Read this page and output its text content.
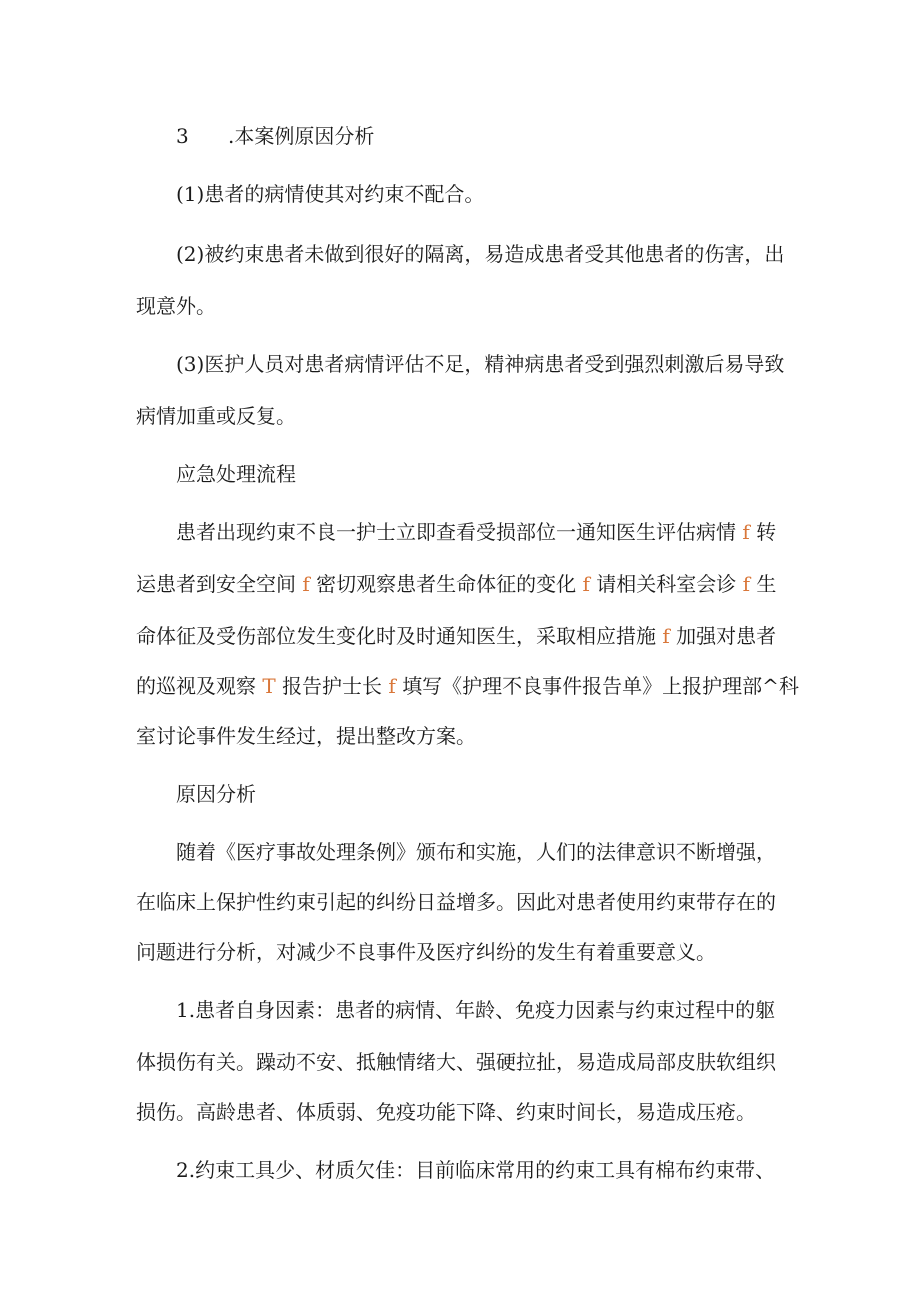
3 .本案例原因分析

(1)患者的病情使其对约束不配合。

(2)被约束患者未做到很好的隔离，易造成患者受其他患者的伤害，出

现意外。

(3)医护人员对患者病情评估不足，精神病患者受到强烈刺激后易导致

病情加重或反复。

应急处理流程

患者出现约束不良一护士立即查看受损部位一通知医生评估病情 f 转

运患者到安全空间 f 密切观察患者生命体征的变化 f 请相关科室会诊 f 生

命体征及受伤部位发生变化时及时通知医生，采取相应措施 f 加强对患者

的巡视及观察 T 报告护士长 f 填写《护理不良事件报告单》上报护理部^科

室讨论事件发生经过，提出整改方案。

原因分析

随着《医疗事故处理条例》颁布和实施，人们的法律意识不断增强，

在临床上保护性约束引起的纠纷日益增多。因此对患者使用约束带存在的

问题进行分析，对减少不良事件及医疗纠纷的发生有着重要意义。

1.患者自身因素：患者的病情、年龄、免疫力因素与约束过程中的躯

体损伤有关。躁动不安、抵触情绪大、强硬拉扯，易造成局部皮肤软组织

损伤。高龄患者、体质弱、免疫功能下降、约束时间长，易造成压疮。

2.约束工具少、材质欠佳：目前临床常用的约束工具有棉布约束带、
